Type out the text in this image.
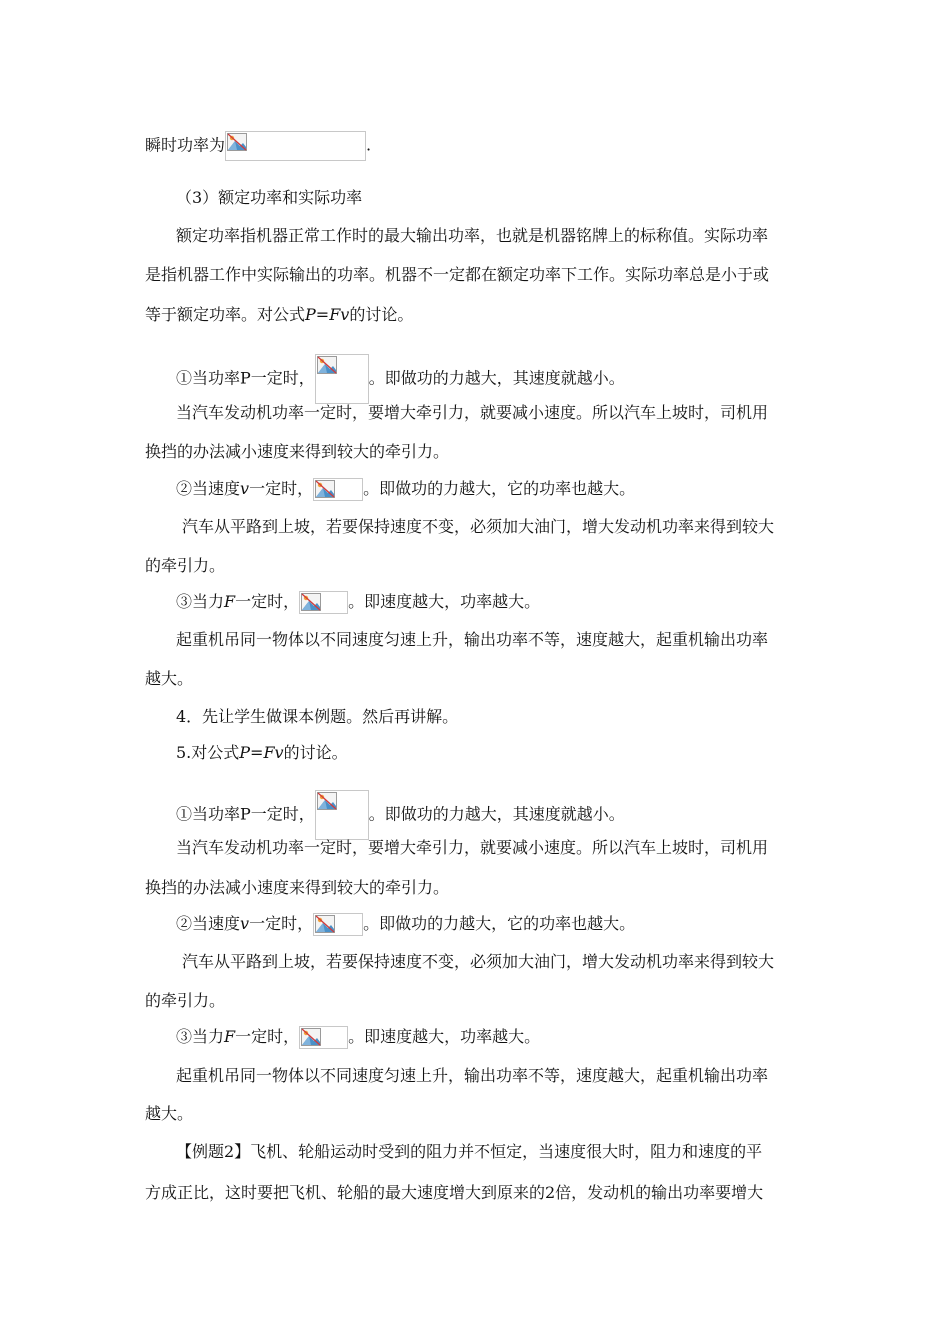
瞬时功率为	.
（3）额定功率和实际功率
额定功率指机器正常工作时的最大输出功率，也就是机器铭牌上的标称值。实际功率
是指机器工作中实际输出的功率。机器不一定都在额定功率下工作。实际功率总是小于或
等于额定功率。对公式P=Fv的讨论。
①当功率P一定时，	。即做功的力越大，其速度就越小。
当汽车发动机功率一定时，要增大牵引力，就要减小速度。所以汽车上坡时，司机用
换挡的办法减小速度来得到较大的牵引力。
②当速度v一定时，	。即做功的力越大，它的功率也越大。
汽车从平路到上坡，若要保持速度不变，必须加大油门，增大发动机功率来得到较大
的牵引力。
③当力F一定时，	。即速度越大，功率越大。
起重机吊同一物体以不同速度匀速上升，输出功率不等，速度越大，起重机输出功率
越大。
4．先让学生做课本例题。然后再讲解。
5.对公式P=Fv的讨论。
①当功率P一定时，	。即做功的力越大，其速度就越小。
当汽车发动机功率一定时，要增大牵引力，就要减小速度。所以汽车上坡时，司机用
换挡的办法减小速度来得到较大的牵引力。
②当速度v一定时，	。即做功的力越大，它的功率也越大。
汽车从平路到上坡，若要保持速度不变，必须加大油门，增大发动机功率来得到较大
的牵引力。
③当力F一定时，	。即速度越大，功率越大。
起重机吊同一物体以不同速度匀速上升，输出功率不等，速度越大，起重机输出功率
越大。
【例题2】飞机、轮船运动时受到的阻力并不恒定，当速度很大时，阻力和速度的平
方成正比，这时要把飞机、轮船的最大速度增大到原来的2倍，发动机的输出功率要增大
